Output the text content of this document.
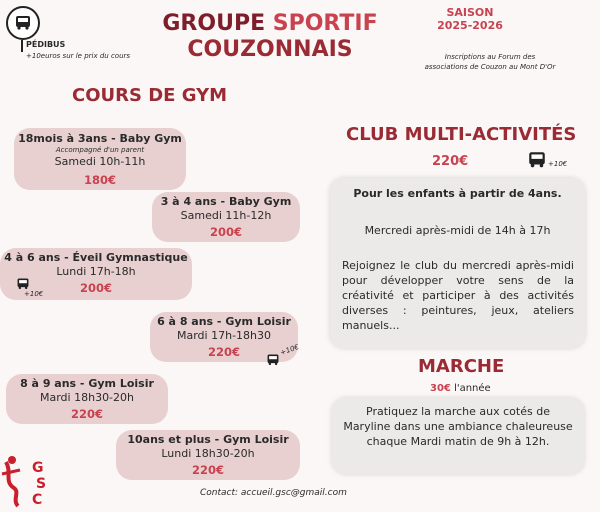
PÉDIBUS
+10euros sur le prix du cours
GROUPE SPORTIF
COUZONNAIS
SAISON
2025-2026
Inscriptions au Forum des
associations de Couzon au Mont D'Or
COURS DE GYM
18mois à 3ans - Baby Gym
Accompagné d'un parent
Samedi 10h-11h
180€
3 à 4 ans - Baby Gym
Samedi 11h-12h
200€
4 à 6 ans - Éveil Gymnastique
Lundi 17h-18h
200€
+10€
6 à 8 ans - Gym Loisir
Mardi 17h-18h30
220€	+10€
8 à 9 ans - Gym Loisir
Mardi 18h30-20h
220€
10ans et plus - Gym Loisir
Lundi 18h30-20h
220€
CLUB MULTI-ACTIVITÉS
220€	+10€
Pour les enfants à partir de 4ans.
Mercredi après-midi de 14h à 17h
Rejoignez le club du mercredi après-midi pour développer votre sens de la créativité et participer à des activités diverses : peintures, jeux, ateliers manuels...
MARCHE
30€ l'année
Pratiquez la marche aux cotés de Maryline dans une ambiance chaleureuse chaque Mardi matin de 9h à 12h.
Contact: accueil.gsc@gmail.com
G
S
C
